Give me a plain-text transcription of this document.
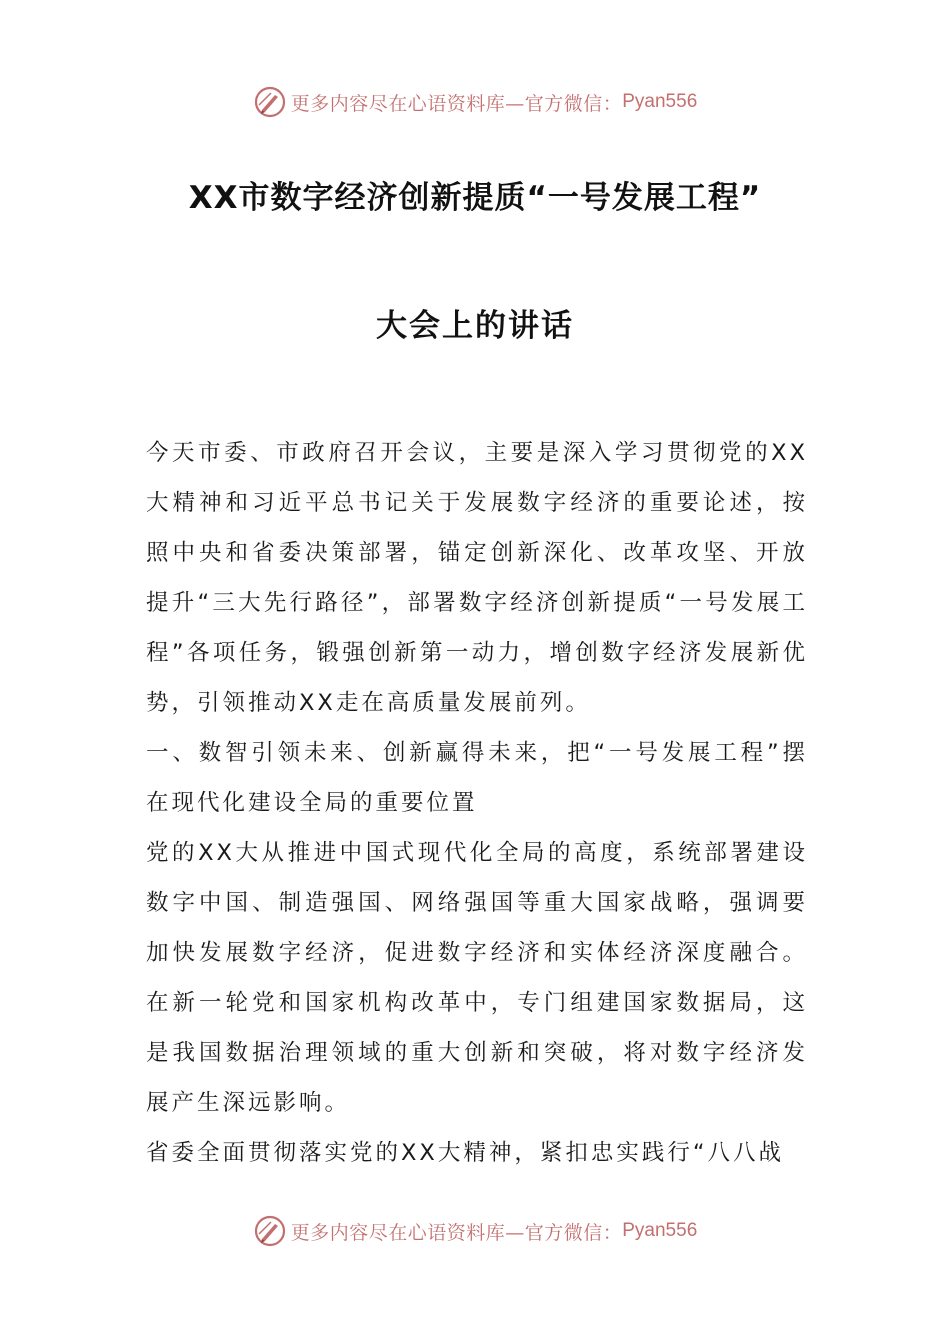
更多内容尽在心语资料库—官方微信： Pyan556
XX市数字经济创新提质“一号发展工程”
大会上的讲话

今天市委、市政府召开会议，主要是深入学习贯彻党的XX大精神和习近平总书记关于发展数字经济的重要论述，按照中央和省委决策部署，锚定创新深化、改革攻坚、开放提升“三大先行路径”，部署数字经济创新提质“一号发展工程”各项任务，锻强创新第一动力，增创数字经济发展新优势，引领推动XX走在高质量发展前列。

一、数智引领未来、创新赢得未来，把“一号发展工程”摆在现代化建设全局的重要位置

党的XX大从推进中国式现代化全局的高度，系统部署建设数字中国、制造强国、网络强国等重大国家战略，强调要加快发展数字经济，促进数字经济和实体经济深度融合。在新一轮党和国家机构改革中，专门组建国家数据局，这是我国数据治理领域的重大创新和突破，将对数字经济发展产生深远影响。

省委全面贯彻落实党的XX大精神，紧扣忠实践行“八八战

更多内容尽在心语资料库—官方微信： Pyan556
